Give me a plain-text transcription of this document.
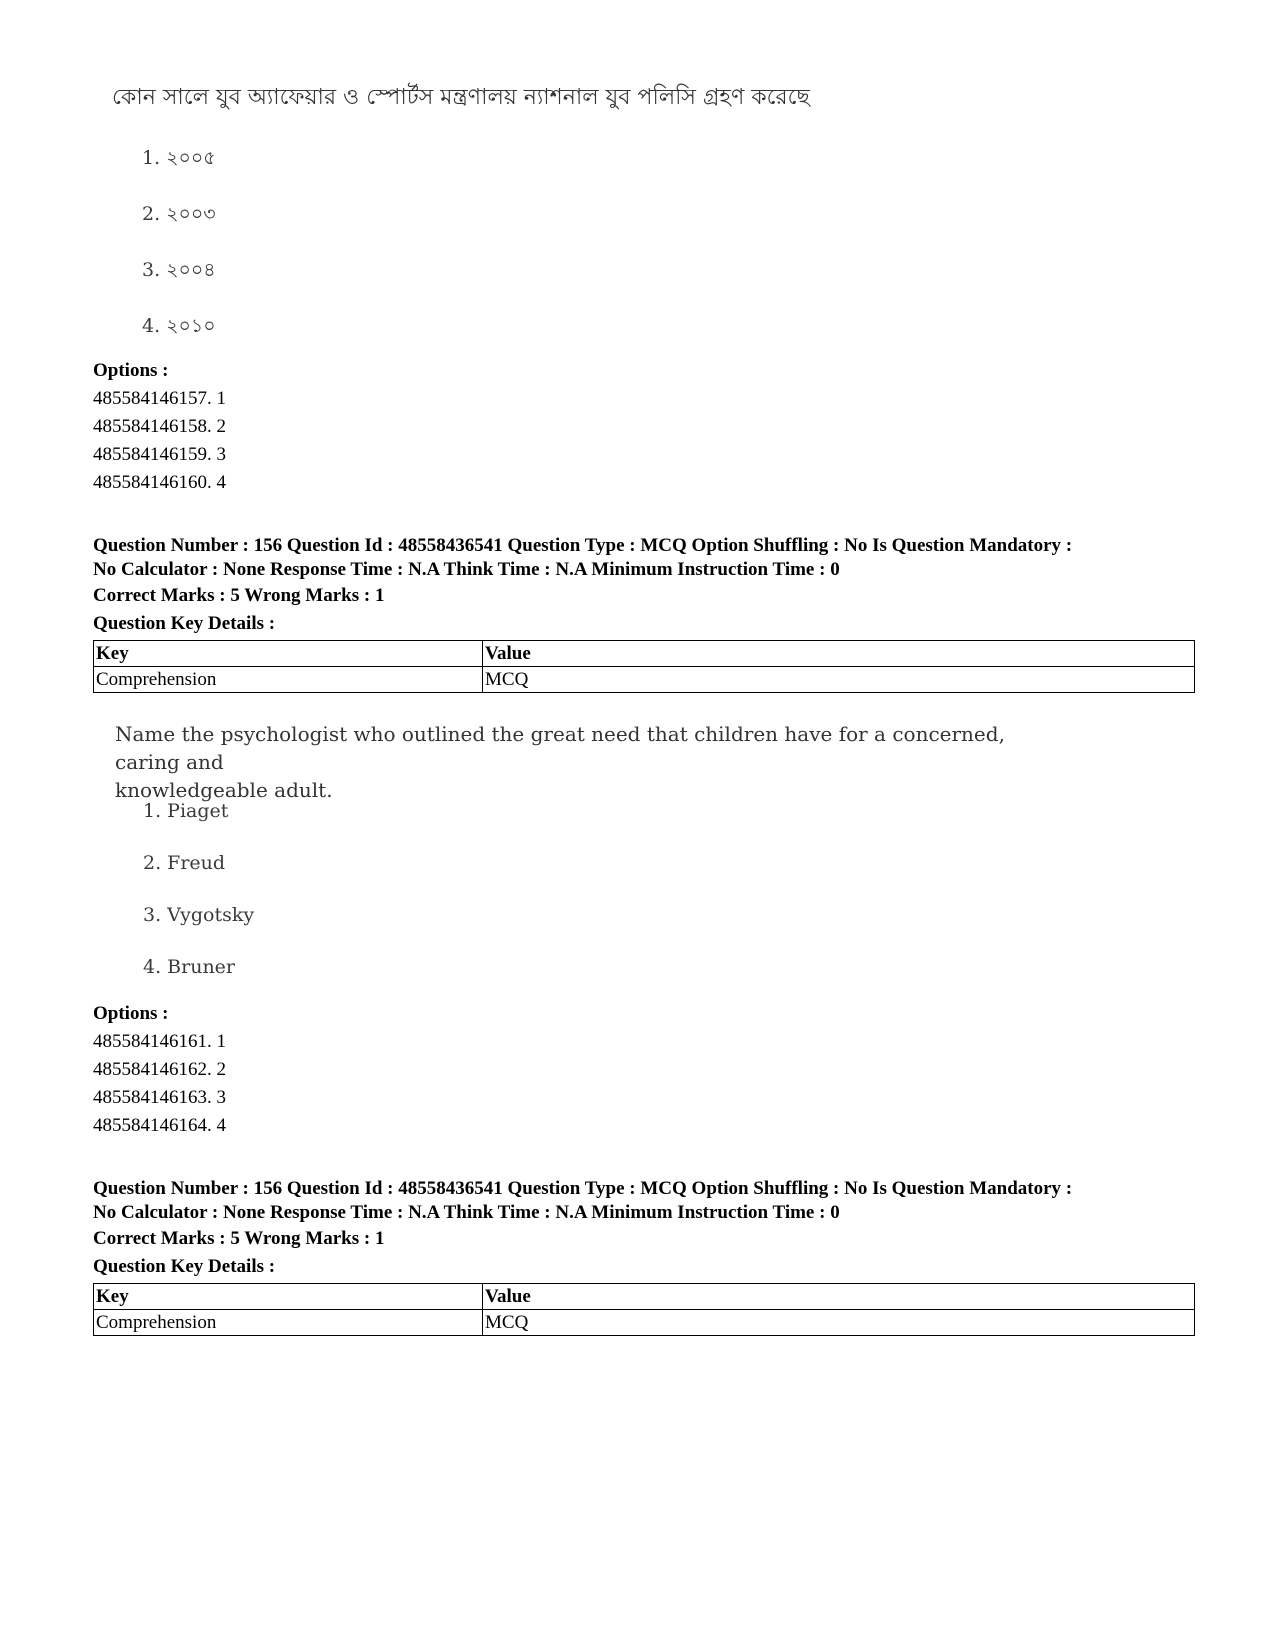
কোন সালে যুব অ্যাফেয়ার ও স্পোর্টস মন্ত্রণালয় ন্যাশনাল যুব পলিসি গ্রহণ করেছে
1. ২০০৫
2. ২০০৩
3. ২০০৪
4. ২০১০
Options :
485584146157. 1
485584146158. 2
485584146159. 3
485584146160. 4
Question Number : 156 Question Id : 48558436541 Question Type : MCQ Option Shuffling : No Is Question Mandatory :
No Calculator : None Response Time : N.A Think Time : N.A Minimum Instruction Time : 0
Correct Marks : 5 Wrong Marks : 1
Question Key Details :
Key	Value
Comprehension	MCQ
Name the psychologist who outlined the great need that children have for a concerned, caring and
knowledgeable adult.
1. Piaget
2. Freud
3. Vygotsky
4. Bruner
Options :
485584146161. 1
485584146162. 2
485584146163. 3
485584146164. 4
Question Number : 156 Question Id : 48558436541 Question Type : MCQ Option Shuffling : No Is Question Mandatory :
No Calculator : None Response Time : N.A Think Time : N.A Minimum Instruction Time : 0
Correct Marks : 5 Wrong Marks : 1
Question Key Details :
Key	Value
Comprehension	MCQ
